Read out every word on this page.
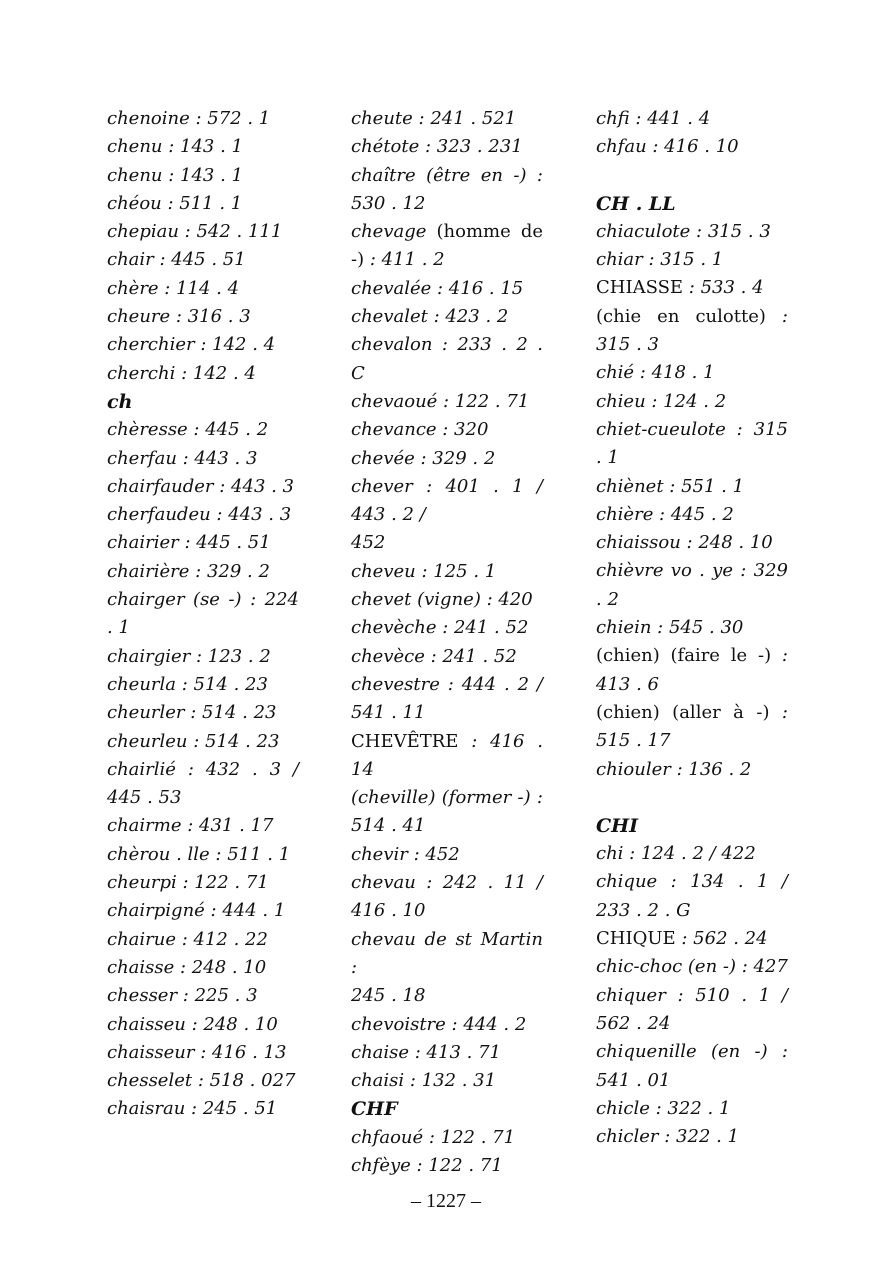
chenoine : 572 . 1
chenu : 143 . 1
chenu : 143 . 1
chéou : 511 . 1
chepiau : 542 . 111
chair : 445 . 51
chère : 114 . 4
cheure : 316 . 3
cherchier : 142 . 4
cherchi : 142 . 4
ch
chèresse : 445 . 2
cherfau : 443 . 3
chairfauder : 443 . 3
cherfaudeu : 443 . 3
chairier : 445 . 51
chairière : 329 . 2
chairger (se -) : 224 . 1
chairgier : 123 . 2
cheurla : 514 . 23
cheurler : 514 . 23
cheurleu : 514 . 23
chairlié : 432 . 3 / 445 . 53
chairme : 431 . 17
chèrou . lle : 511 . 1
cheurpi : 122 . 71
chairpigné : 444 . 1
chairue : 412 . 22
chaisse : 248 . 10
chesser : 225 . 3
chaisseu : 248 . 10
chaisseur : 416 . 13
chesselet : 518 . 027
chaisrau : 245 . 51
cheute : 241 . 521
chétote : 323 . 231
chaître (être en -) : 530 . 12
chevage (homme de -) : 411 . 2
chevalée : 416 . 15
chevalet : 423 . 2
chevalon : 233 . 2 . C
chevaoué : 122 . 71
chevance : 320
chevée : 329 . 2
chever : 401 . 1 / 443 . 2 /
452
cheveu : 125 . 1
chevet (vigne) : 420
chevèche : 241 . 52
chevèce : 241 . 52
chevestre : 444 . 2 / 541 . 11
CHEVÊTRE : 416 . 14
(cheville) (former -) : 514 . 41
chevir : 452
chevau : 242 . 11 / 416 . 10
chevau de st Martin :
245 . 18
chevoistre : 444 . 2
chaise : 413 . 71
chaisi : 132 . 31
CHF
chfaoué : 122 . 71
chfèye : 122 . 71
chfi : 441 . 4
chfau : 416 . 10
CH . LL
chiaculote : 315 . 3
chiar : 315 . 1
CHIASSE : 533 . 4
(chie en culotte) : 315 . 3
chié : 418 . 1
chieu : 124 . 2
chiet-cueulote : 315 . 1
chiènet : 551 . 1
chière : 445 . 2
chiaissou : 248 . 10
chièvre vo . ye : 329 . 2
chiein : 545 . 30
(chien) (faire le -) : 413 . 6
(chien) (aller à -) : 515 . 17
chiouler : 136 . 2
CHI
chi : 124 . 2 / 422
chique : 134 . 1 / 233 . 2 . G
CHIQUE : 562 . 24
chic-choc (en -) : 427
chiquer : 510 . 1 / 562 . 24
chiquenille (en -) : 541 . 01
chicle : 322 . 1
chicler : 322 . 1
– 1227 –
